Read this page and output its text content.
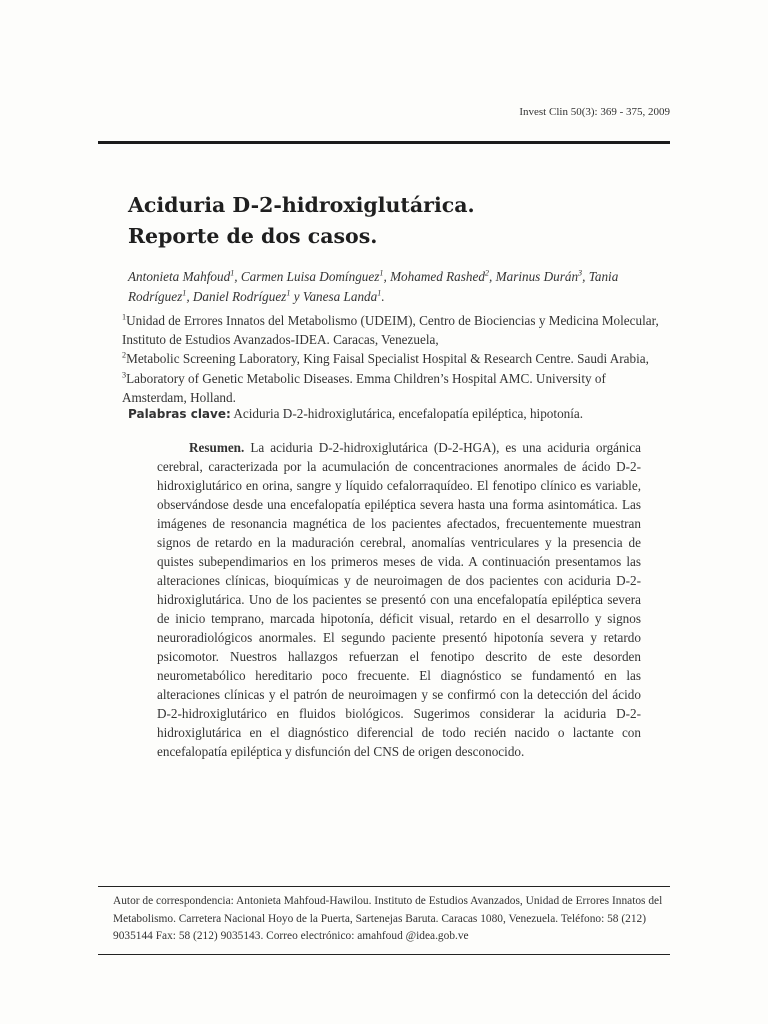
Invest Clin 50(3): 369 - 375, 2009
Aciduria D-2-hidroxiglutárica.
Reporte de dos casos.
Antonieta Mahfoud$^1$, Carmen Luisa Domínguez$^1$, Mohamed Rashed$^2$, Marinus Durán$^3$, Tania Rodríguez$^1$, Daniel Rodríguez$^1$ y Vanesa Landa$^1$.

$^1$Unidad de Errores Innatos del Metabolismo (UDEIM), Centro de Biociencias y Medicina Molecular, Instituto de Estudios Avanzados-IDEA. Caracas, Venezuela,

$^2$Metabolic Screening Laboratory, King Faisal Specialist Hospital & Research Centre. Saudi Arabia, $^3$Laboratory of Genetic Metabolic Diseases. Emma Children’s Hospital AMC. University of Amsterdam, Holland.

Palabras clave: Aciduria D-2-hidroxiglutárica, encefalopatía epiléptica, hipotonía.
Resumen. La aciduria D-2-hidroxiglutárica (D-2-HGA), es una aciduria orgánica cerebral, caracterizada por la acumulación de concentraciones anormales de ácido D-2-hidroxiglutárico en orina, sangre y líquido cefalorraquídeo. El fenotipo clínico es variable, observándose desde una encefalopatía epiléptica severa hasta una forma asintomática. Las imágenes de resonancia magnética de los pacientes afectados, frecuentemente muestran signos de retardo en la maduración cerebral, anomalías ventriculares y la presencia de quistes subependimarios en los primeros meses de vida. A continuación presentamos las alteraciones clínicas, bioquímicas y de neuroimagen de dos pacientes con aciduria D-2-hidroxiglutárica. Uno de los pacientes se presentó con una encefalopatía epiléptica severa de inicio temprano, marcada hipotonía, déficit visual, retardo en el desarrollo y signos neuroradiológicos anormales. El segundo paciente presentó hipotonía severa y retardo psicomotor. Nuestros hallazgos refuerzan el fenotipo descrito de este desorden neurometabólico hereditario poco frecuente. El diagnóstico se fundamentó en las alteraciones clínicas y el patrón de neuroimagen y se confirmó con la detección del ácido D-2-hidroxiglutárico en fluidos biológicos. Sugerimos considerar la aciduria D-2-hidroxiglutárica en el diagnóstico diferencial de todo recién nacido o lactante con encefalopatía epiléptica y disfunción del CNS de origen desconocido.
Autor de correspondencia: Antonieta Mahfoud-Hawilou. Instituto de Estudios Avanzados, Unidad de Errores Innatos del Metabolismo. Carretera Nacional Hoyo de la Puerta, Sartenejas Baruta. Caracas 1080, Venezuela. Teléfono: 58 (212) 9035144 Fax: 58 (212) 9035143. Correo electrónico: amahfoud @idea.gob.ve
